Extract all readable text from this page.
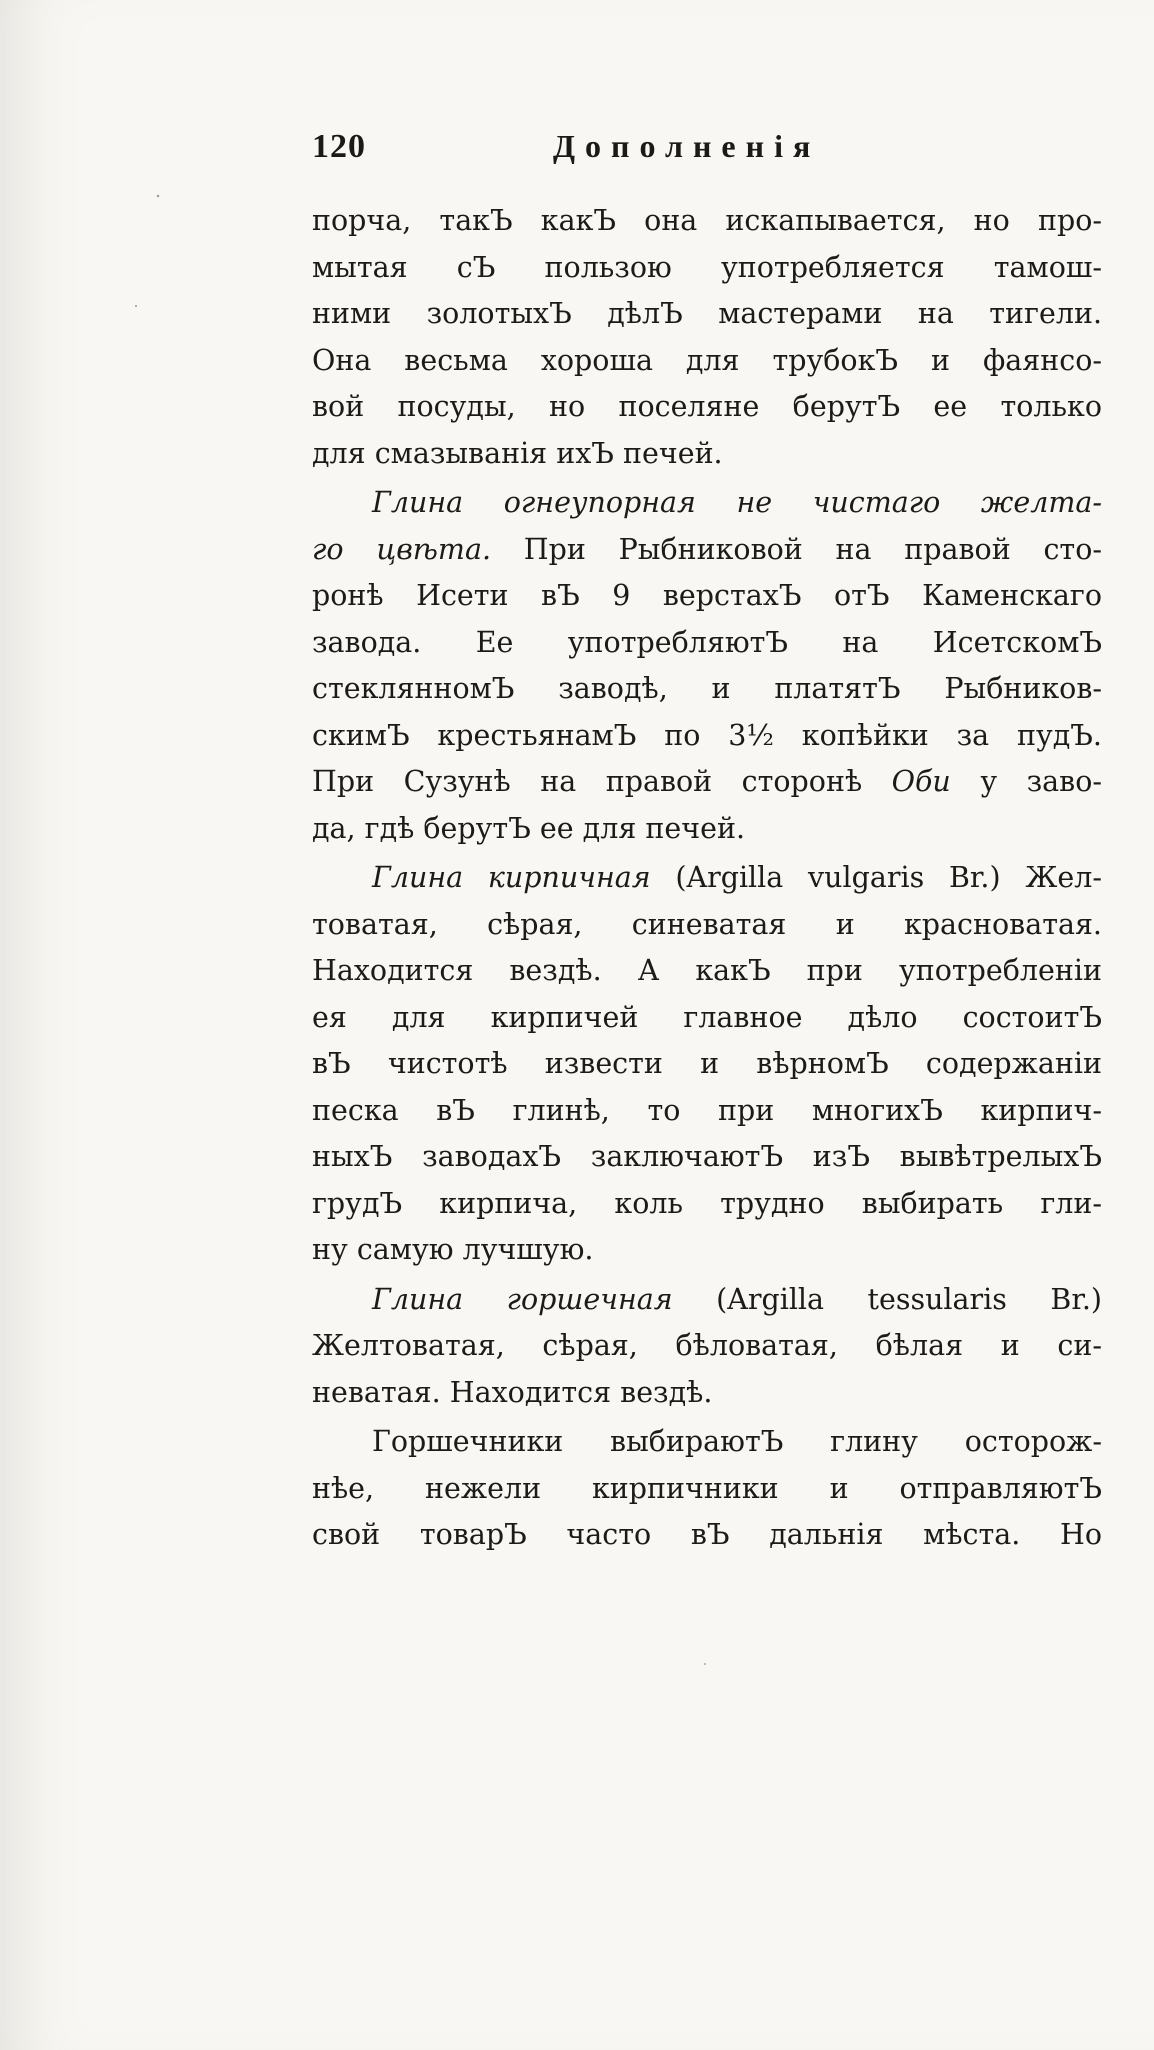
120	Дополненія
порча, такЪ какЪ она искапывается, но про-
мытая сЪ пользою употребляется тамош-
ними золотыхЪ дѣлЪ мастерами на тигели.
Она весьма хороша для трубокЪ и фаянсо-
вой посуды, но поселяне берутЪ ее только
для смазыванія ихЪ печей.
Глина огнеупорная не чистаго желта-
го цвѣта. При Рыбниковой на правой сто-
ронѣ Исети вЪ 9 верстахЪ отЪ Каменскаго
завода. Ее употребляютЪ на ИсетскомЪ
стеклянномЪ заводѣ, и платятЪ Рыбников-
скимЪ крестьянамЪ по 3½ копѣйки за пудЪ.
При Сузунѣ на правой сторонѣ Оби у заво-
да, гдѣ берутЪ ее для печей.
Глина кирпичная (Argilla vulgaris Br.) Жел-
товатая, сѣрая, синеватая и красноватая.
Находится вездѣ. А какЪ при употребленіи
ея для кирпичей главное дѣло состоитЪ
вЪ чистотѣ извести и вѣрномЪ содержаніи
песка вЪ глинѣ, то при многихЪ кирпич-
ныхЪ заводахЪ заключаютЪ изЪ вывѣтрелыхЪ
грудЪ кирпича, коль трудно выбирать гли-
ну самую лучшую.
Глина горшечная (Argilla tessularis Br.)
Желтоватая, сѣрая, бѣловатая, бѣлая и си-
неватая. Находится вездѣ.
Горшечники выбираютЪ глину осторож-
нѣе, нежели кирпичники и отправляютЪ
свой товарЪ часто вЪ дальнія мѣста. Но
